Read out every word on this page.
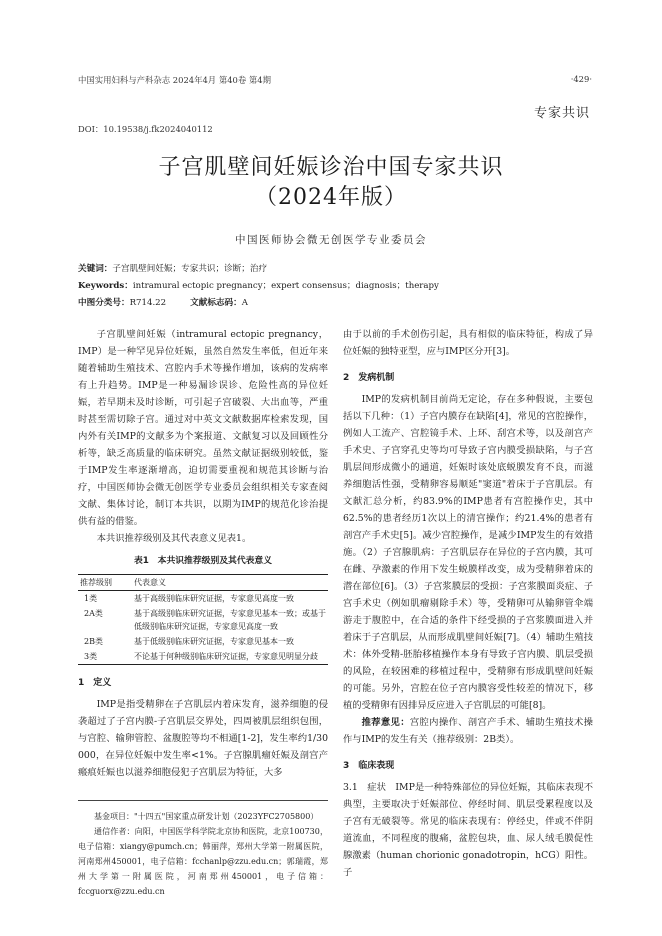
中国实用妇科与产科杂志 2024年4月 第40卷 第4期	·429·
专家共识
DOI：10.19538/j.fk2024040112
子宫肌壁间妊娠诊治中国专家共识
（2024年版）
中国医师协会微无创医学专业委员会
关键词：子宫肌壁间妊娠；专家共识；诊断；治疗
Keywords：intramural ectopic pregnancy；expert consensus；diagnosis；therapy
中图分类号：R714.22	文献标志码：A

子宫肌壁间妊娠（intramural ectopic pregnancy，IMP）是一种罕见异位妊娠，虽然自然发生率低，但近年来随着辅助生殖技术、宫腔内手术等操作增加，该病的发病率有上升趋势。IMP是一种易漏诊误诊、危险性高的异位妊娠，若早期未及时诊断，可引起子宫破裂、大出血等，严重时甚至需切除子宫。通过对中英文文献数据库检索发现，国内外有关IMP的文献多为个案报道、文献复习以及回顾性分析等，缺乏高质量的临床研究。虽然文献证据级别较低，鉴于IMP发生率逐渐增高，迫切需要重视和规范其诊断与治疗，中国医师协会微无创医学专业委员会组织相关专家查阅文献、集体讨论，制订本共识，以期为IMP的规范化诊治提供有益的借鉴。

本共识推荐级别及其代表意义见表1。

表1　本共识推荐级别及其代表意义
推荐级别	代表意义
1类	基于高级别临床研究证据，专家意见高度一致
2A类	基于高级别临床研究证据，专家意见基本一致；或基于低级别临床研究证据，专家意见高度一致
2B类	基于低级别临床研究证据，专家意见基本一致
3类	不论基于何种级别临床研究证据，专家意见明显分歧
1　定义

IMP是指受精卵在子宫肌层内着床发育，滋养细胞的侵袭超过了子宫内膜-子宫肌层交界处，四周被肌层组织包围，与宫腔、输卵管腔、盆腹腔等均不相通[1-2]，发生率约1/30 000，在异位妊娠中发生率<1%。子宫腺肌瘤妊娠及剖宫产瘢痕妊娠也以滋养细胞侵犯子宫肌层为特征，大多

基金项目："十四五"国家重点研发计划（2023YFC2705800）

通信作者：向阳，中国医学科学院北京协和医院，北京100730，电子信箱：xiangy@pumch.cn；韩丽萍，郑州大学第一附属医院，河南郑州450001，电子信箱：fcchanlp@zzu.edu.cn；郭瑞霞，郑州大学第一附属医院，河南郑州450001，电子信箱：fccguorx@zzu.edu.cn

由于以前的手术创伤引起，具有相似的临床特征，构成了异位妊娠的独特亚型，应与IMP区分开[3]。

2　发病机制

IMP的发病机制目前尚无定论，存在多种假说，主要包括以下几种：（1）子宫内膜存在缺陷[4]，常见的宫腔操作，例如人工流产、宫腔镜手术、上环、刮宫术等，以及剖宫产手术史、子宫穿孔史等均可导致子宫内膜受损缺陷，与子宫肌层间形成微小的通道，妊娠时该处底蜕膜发育不良，而滋养细胞活性强，受精卵容易顺延"窦道"着床于子宫肌层。有文献汇总分析，约83.9%的IMP患者有宫腔操作史，其中62.5%的患者经历1次以上的清宫操作；约21.4%的患者有剖宫产手术史[5]。减少宫腔操作，是减少IMP发生的有效措施。（2）子宫腺肌病：子宫肌层存在异位的子宫内膜，其可在雌、孕激素的作用下发生蜕膜样改变，成为受精卵着床的潜在部位[6]。（3）子宫浆膜层的受损：子宫浆膜面炎症、子宫手术史（例如肌瘤剔除手术）等，受精卵可从输卵管伞端游走于腹腔中，在合适的条件下经受损的子宫浆膜面进入并着床于子宫肌层，从而形成肌壁间妊娠[7]。（4）辅助生殖技术：体外受精-胚胎移植操作本身有导致子宫内膜、肌层受损的风险，在较困难的移植过程中，受精卵有形成肌壁间妊娠的可能。另外，宫腔在位子宫内膜容受性较差的情况下，移植的受精卵有因排异反应进入子宫肌层的可能[8]。

推荐意见：宫腔内操作、剖宫产手术、辅助生殖技术操作与IMP的发生有关（推荐级别：2B类）。

3　临床表现

3.1　症状　IMP是一种特殊部位的异位妊娠，其临床表现不典型，主要取决于妊娠部位、停经时间、肌层受累程度以及子宫有无破裂等。常见的临床表现有：停经史，伴或不伴阴道流血，不同程度的腹痛，盆腔包块，血、尿人绒毛膜促性腺激素（human chorionic gonadotropin，hCG）阳性。子
